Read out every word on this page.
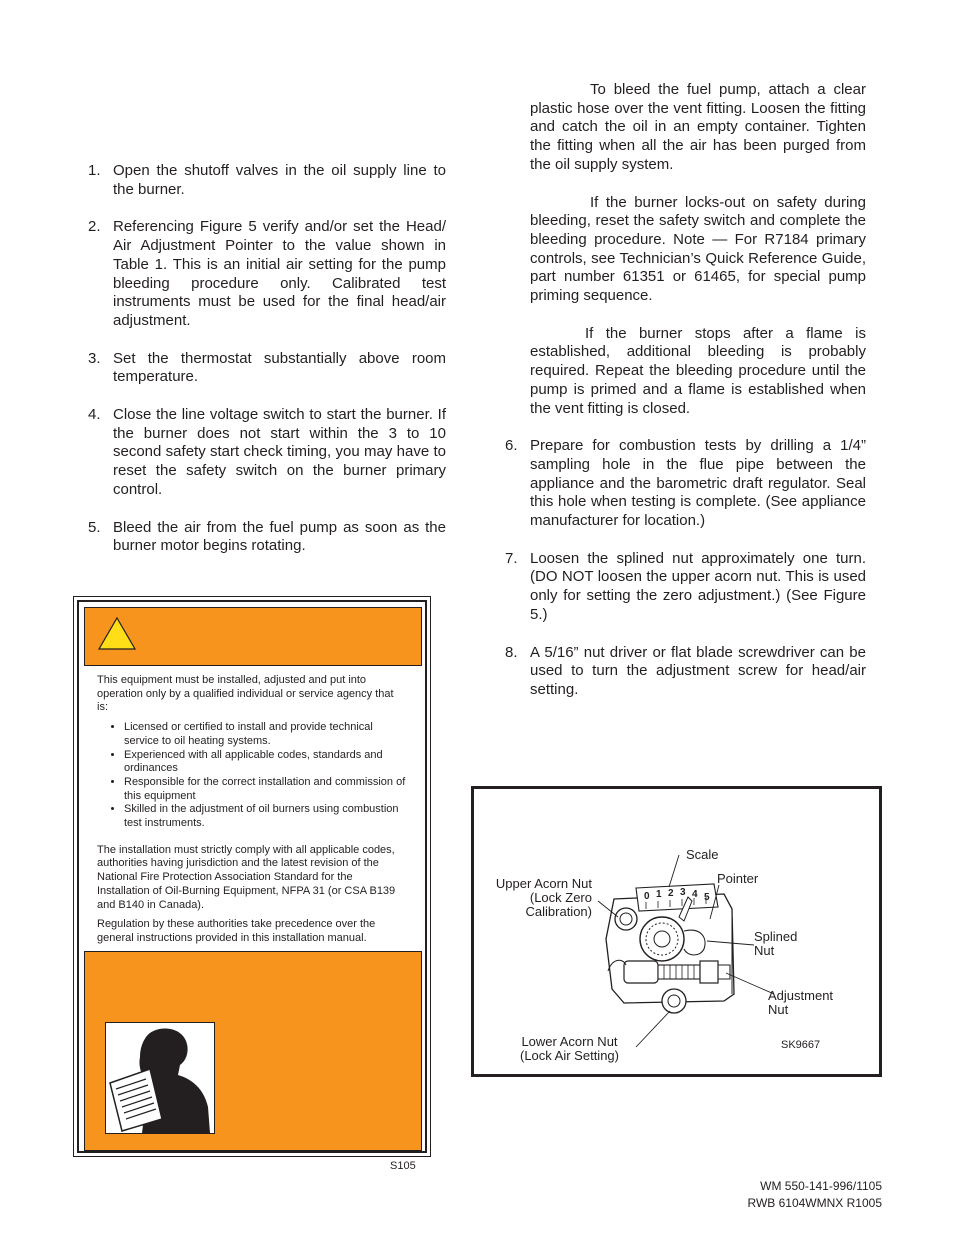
1. Open the shutoff valves in the oil supply line to the burner.
2. Referencing Figure 5 verify and/or set the Head/ Air Adjustment Pointer to the value shown in Table 1. This is an initial air setting for the pump bleeding procedure only. Calibrated test instruments must be used for the final head/air adjustment.
3. Set the thermostat substantially above room temperature.
4. Close the line voltage switch to start the burner. If the burner does not start within the 3 to 10 second safety start check timing, you may have to reset the safety switch on the burner primary control.
5. Bleed the air from the fuel pump as soon as the burner motor begins rotating.

To bleed the fuel pump, attach a clear plastic hose over the vent fitting. Loosen the fitting and catch the oil in an empty container. Tighten the fitting when all the air has been purged from the oil supply system.

If the burner locks-out on safety during bleeding, reset the safety switch and complete the bleeding procedure. Note — For R7184 primary controls, see Technician’s Quick Reference Guide, part number 61351 or 61465, for special pump priming sequence.

If the burner stops after a flame is established, additional bleeding is probably required. Repeat the bleeding procedure until the pump is primed and a flame is established when the vent fitting is closed.

6. Prepare for combustion tests by drilling a 1/4” sampling hole in the flue pipe between the appliance and the barometric draft regulator. Seal this hole when testing is complete. (See appliance manufacturer for location.)
7. Loosen the splined nut approximately one turn. (DO NOT loosen the upper acorn nut. This is used only for setting the zero adjustment.) (See Figure 5.)
8. A 5/16” nut driver or flat blade screwdriver can be used to turn the adjustment screw for head/air setting.

This equipment must be installed, adjusted and put into operation only by a qualified individual or service agency that is:

• Licensed or certified to install and provide technical service to oil heating systems.
• Experienced with all applicable codes, standards and ordinances
• Responsible for the correct installation and commission of this equipment
• Skilled in the adjustment of oil burners using combustion test instruments.

The installation must strictly comply with all applicable codes, authorities having jurisdiction and the latest revision of the National Fire Protection Association Standard for the Installation of Oil-Burning Equipment, NFPA 31 (or CSA B139 and B140 in Canada).

Regulation by these authorities take precedence over the general instructions provided in this installation manual.

S105
0 1 2 3 4 5
Scale
Pointer
Upper Acorn Nut
(Lock Zero
Calibration)
Splined
Nut
Adjustment
Nut
Lower Acorn Nut
(Lock Air Setting)
SK9667
WM 550-141-996/1105
RWB 6104WMNX R1005
